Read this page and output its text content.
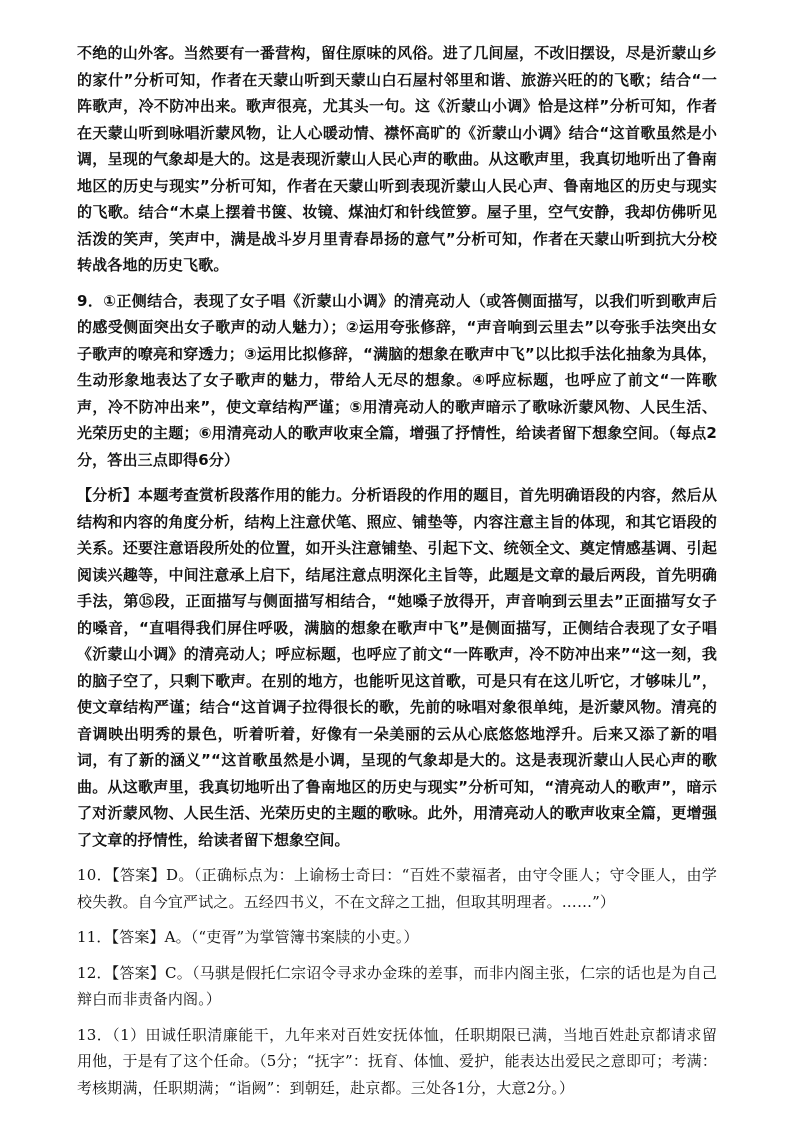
不绝的山外客。当然要有一番营构，留住原味的风俗。进了几间屋，不改旧摆设，尽是沂蒙山乡的家什”分析可知，作者在天蒙山听到天蒙山白石屋村邻里和谐、旅游兴旺的的飞歌；结合“一阵歌声，冷不防冲出来。歌声很亮，尤其头一句。这《沂蒙山小调》恰是这样”分析可知，作者在天蒙山听到咏唱沂蒙风物，让人心暖动情、襟怀高旷的《沂蒙山小调》结合“这首歌虽然是小调，呈现的气象却是大的。这是表现沂蒙山人民心声的歌曲。从这歌声里，我真切地听出了鲁南地区的历史与现实”分析可知，作者在天蒙山听到表现沂蒙山人民心声、鲁南地区的历史与现实的飞歌。结合“木桌上摆着书箧、妆镜、煤油灯和针线笸箩。屋子里，空气安静，我却仿佛听见活泼的笑声，笑声中，满是战斗岁月里青春昂扬的意气”分析可知，作者在天蒙山听到抗大分校转战各地的历史飞歌。

9．①正侧结合，表现了女子唱《沂蒙山小调》的清亮动人（或答侧面描写，以我们听到歌声后的感受侧面突出女子歌声的动人魅力）；②运用夸张修辞，“声音响到云里去”以夸张手法突出女子歌声的嘹亮和穿透力；③运用比拟修辞，“满脑的想象在歌声中飞”以比拟手法化抽象为具体，生动形象地表达了女子歌声的魅力，带给人无尽的想象。④呼应标题，也呼应了前文“一阵歌声，冷不防冲出来”，使文章结构严谨；⑤用清亮动人的歌声暗示了歌咏沂蒙风物、人民生活、光荣历史的主题；⑥用清亮动人的歌声收束全篇，增强了抒情性，给读者留下想象空间。（每点2分，答出三点即得6分）

【分析】本题考查赏析段落作用的能力。分析语段的作用的题目，首先明确语段的内容，然后从结构和内容的角度分析，结构上注意伏笔、照应、铺垫等，内容注意主旨的体现，和其它语段的关系。还要注意语段所处的位置，如开头注意铺垫、引起下文、统领全文、奠定情感基调、引起阅读兴趣等，中间注意承上启下，结尾注意点明深化主旨等，此题是文章的最后两段，首先明确手法，第⑮段，正面描写与侧面描写相结合，“她嗓子放得开，声音响到云里去”正面描写女子的嗓音，“直唱得我们屏住呼吸，满脑的想象在歌声中飞”是侧面描写，正侧结合表现了女子唱《沂蒙山小调》的清亮动人；呼应标题，也呼应了前文“一阵歌声，冷不防冲出来”“这一刻，我的脑子空了，只剩下歌声。在别的地方，也能听见这首歌，可是只有在这儿听它，才够味儿”，使文章结构严谨；结合“这首调子拉得很长的歌，先前的咏唱对象很单纯，是沂蒙风物。清亮的音调映出明秀的景色，听着听着，好像有一朵美丽的云从心底悠悠地浮升。后来又添了新的唱词，有了新的涵义”“这首歌虽然是小调，呈现的气象却是大的。这是表现沂蒙山人民心声的歌曲。从这歌声里，我真切地听出了鲁南地区的历史与现实”分析可知，“清亮动人的歌声”，暗示了对沂蒙风物、人民生活、光荣历史的主题的歌咏。此外，用清亮动人的歌声收束全篇，更增强了文章的抒情性，给读者留下想象空间。

10．【答案】D。（正确标点为：上谕杨士奇曰：“百姓不蒙福者，由守令匪人；守令匪人，由学校失教。自今宜严试之。五经四书义，不在文辞之工拙，但取其明理者。……”）

11．【答案】A。（“吏胥”为掌管簿书案牍的小吏。）

12．【答案】C。（马骐是假托仁宗诏令寻求办金珠的差事，而非内阁主张，仁宗的话也是为自己辩白而非责备内阁。）

13．（1）田诚任职清廉能干，九年来对百姓安抚体恤，任职期限已满，当地百姓赴京都请求留用他，于是有了这个任命。（5分；“抚字”：抚育、体恤、爱护，能表达出爱民之意即可；考满：考核期满，任职期满；“诣阙”：到朝廷，赴京都。三处各1分，大意2分。）
